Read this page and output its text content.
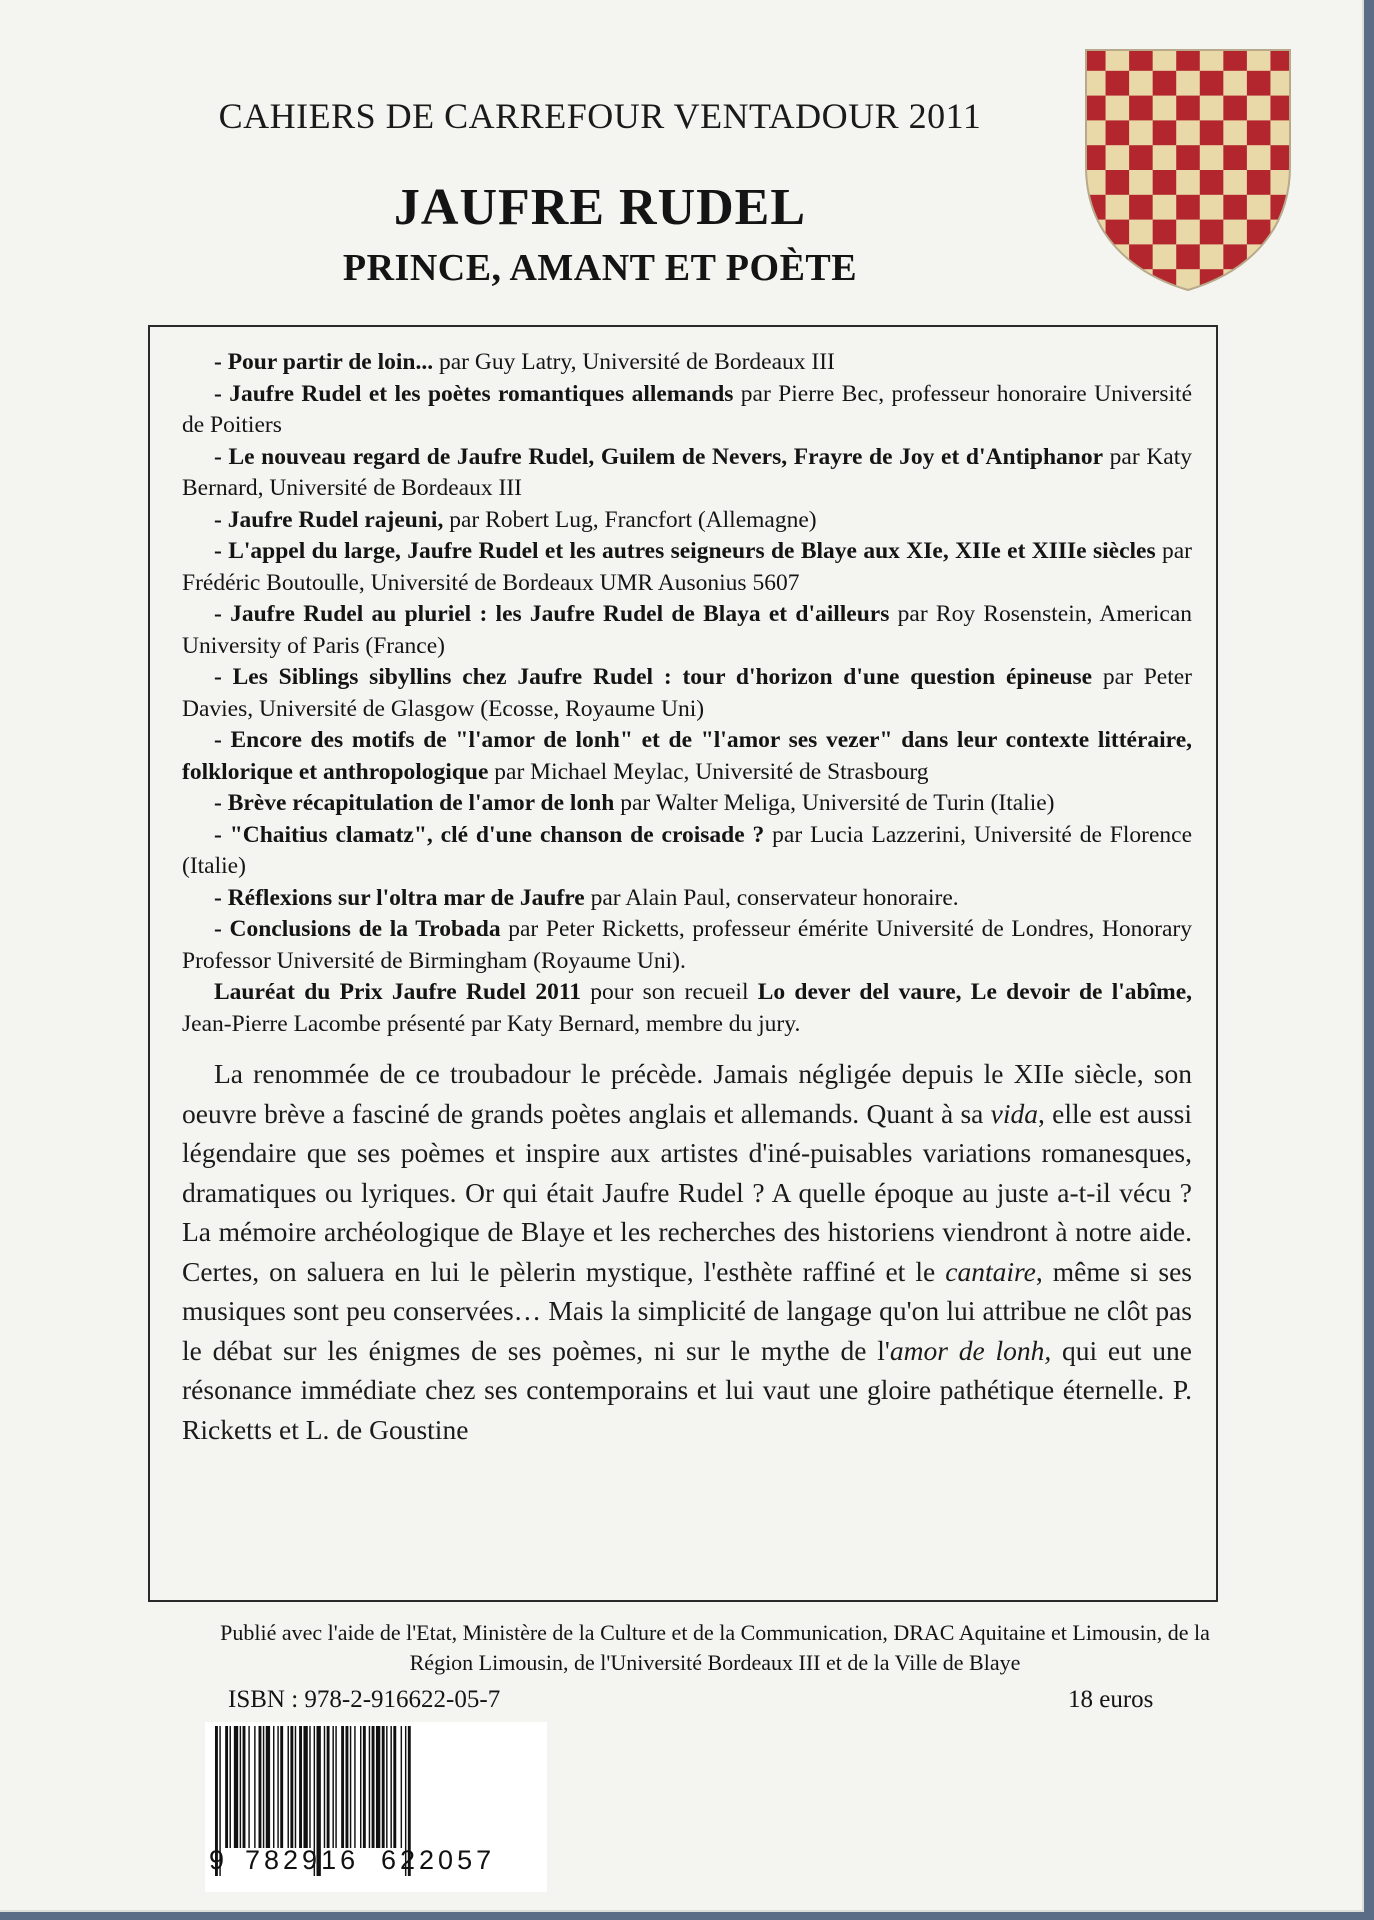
CAHIERS DE CARREFOUR VENTADOUR 2011
JAUFRE RUDEL
PRINCE, AMANT ET POÈTE
- Pour partir de loin... par Guy Latry, Université de Bordeaux III
- Jaufre Rudel et les poètes romantiques allemands par Pierre Bec, professeur honoraire Université de Poitiers
- Le nouveau regard de Jaufre Rudel, Guilem de Nevers, Frayre de Joy et d'Antiphanor par Katy Bernard, Université de Bordeaux III
- Jaufre Rudel rajeuni, par Robert Lug, Francfort (Allemagne)
- L'appel du large, Jaufre Rudel et les autres seigneurs de Blaye aux XIe, XIIe et XIIIe siècles par Frédéric Boutoulle, Université de Bordeaux UMR Ausonius 5607
- Jaufre Rudel au pluriel : les Jaufre Rudel de Blaya et d'ailleurs par Roy Rosenstein, American University of Paris (France)
- Les Siblings sibyllins chez Jaufre Rudel : tour d'horizon d'une question épineuse par Peter Davies, Université de Glasgow (Ecosse, Royaume Uni)
- Encore des motifs de "l'amor de lonh" et de "l'amor ses vezer" dans leur contexte littéraire, folklorique et anthropologique par Michael Meylac, Université de Strasbourg
- Brève récapitulation de l'amor de lonh par Walter Meliga, Université de Turin (Italie)
- "Chaitius clamatz", clé d'une chanson de croisade ? par Lucia Lazzerini, Université de Florence (Italie)
- Réflexions sur l'oltra mar de Jaufre par Alain Paul, conservateur honoraire.
- Conclusions de la Trobada par Peter Ricketts, professeur émérite Université de Londres, Honorary Professor Université de Birmingham (Royaume Uni).

Lauréat du Prix Jaufre Rudel 2011 pour son recueil Lo dever del vaure, Le devoir de l'abîme, Jean-Pierre Lacombe présenté par Katy Bernard, membre du jury.

La renommée de ce troubadour le précède. Jamais négligée depuis le XIIe siècle, son oeuvre brève a fasciné de grands poètes anglais et allemands. Quant à sa vida, elle est aussi légendaire que ses poèmes et inspire aux artistes d'iné-puisables variations romanesques, dramatiques ou lyriques. Or qui était Jaufre Rudel ? A quelle époque au juste a-t-il vécu ? La mémoire archéologique de Blaye et les recherches des historiens viendront à notre aide. Certes, on saluera en lui le pèlerin mystique, l'esthète raffiné et le cantaire, même si ses musiques sont peu conservées… Mais la simplicité de langage qu'on lui attribue ne clôt pas le débat sur les énigmes de ses poèmes, ni sur le mythe de l'amor de lonh, qui eut une résonance immédiate chez ses contemporains et lui vaut une gloire pathétique éternelle. P. Ricketts et L. de Goustine

Publié avec l'aide de l'Etat, Ministère de la Culture et de la Communication, DRAC Aquitaine et Limousin, de la Région Limousin, de l'Université Bordeaux III et de la Ville de Blaye
ISBN : 978-2-916622-05-7	18 euros
9 782916 622057
